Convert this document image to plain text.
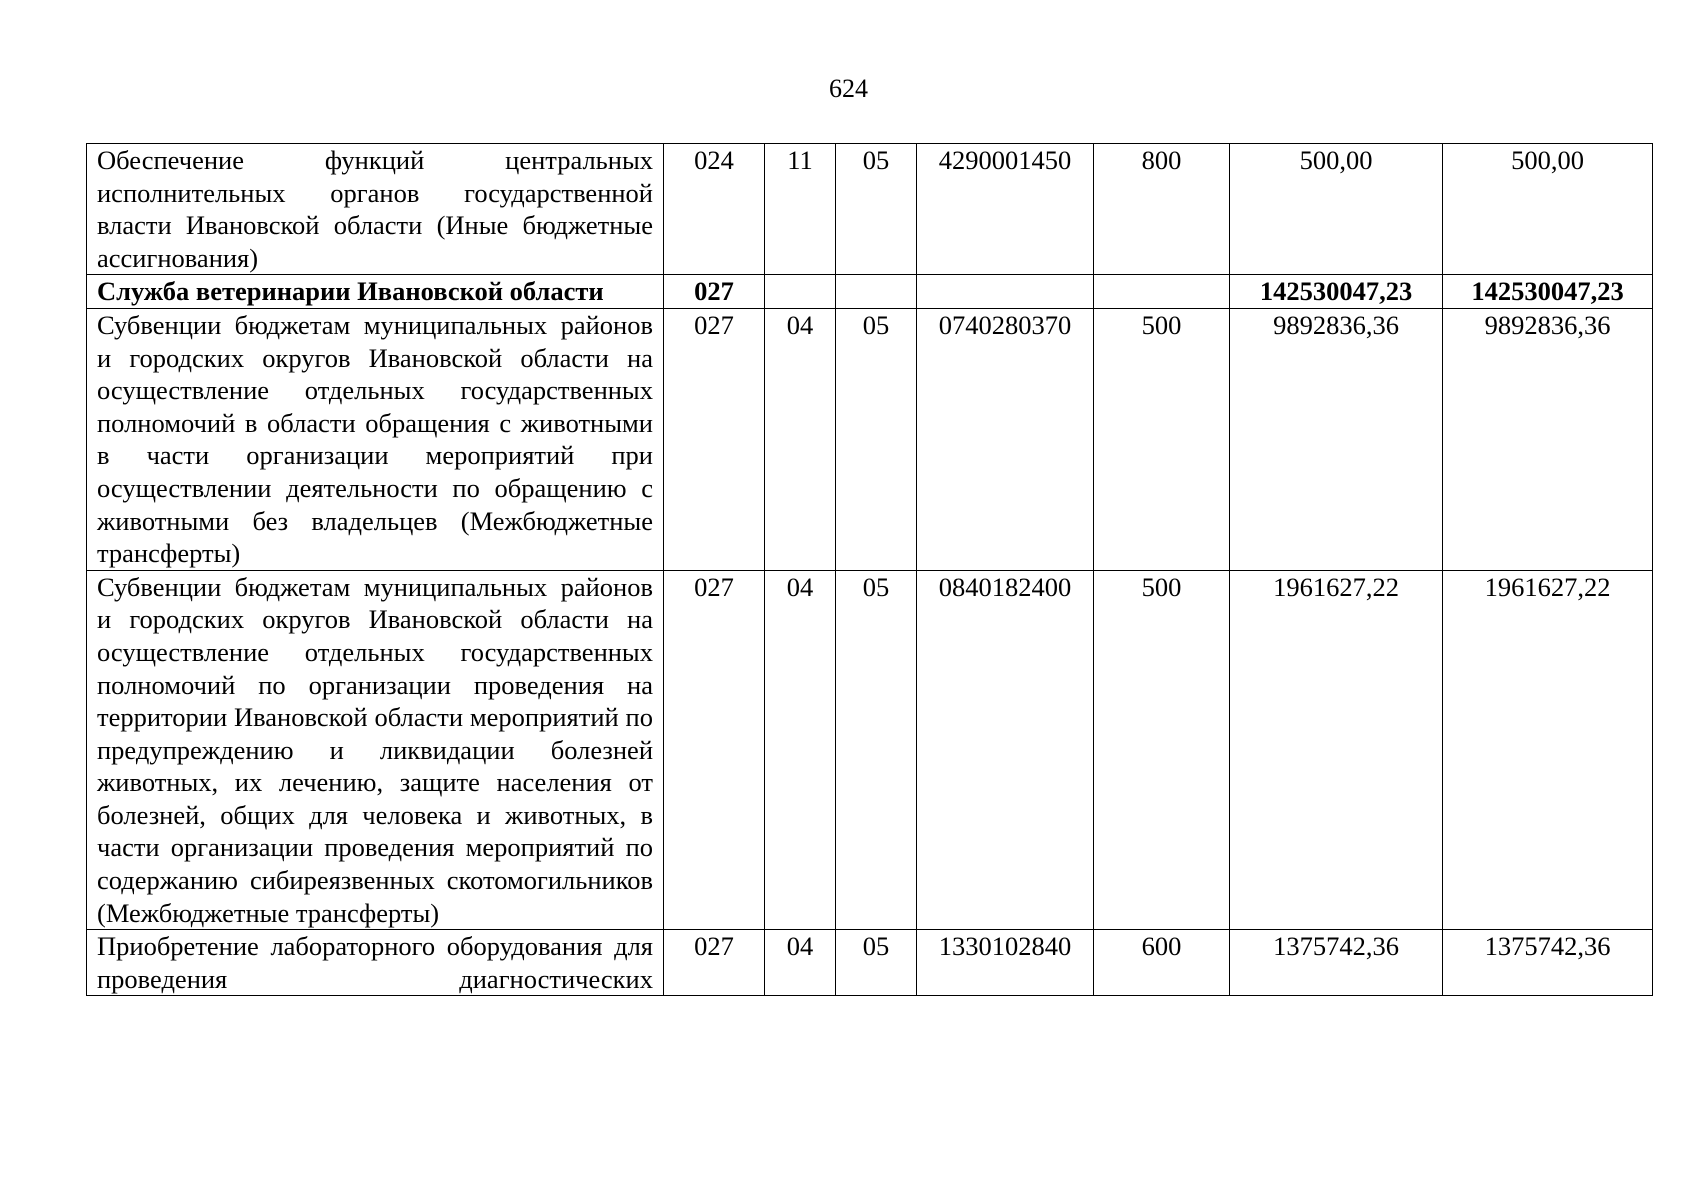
624
Обеспечение функций центральных исполнительных органов государственной власти Ивановской области (Иные бюджетные ассигнования)	024	11	05	4290001450	800	500,00	500,00
Служба ветеринарии Ивановской области	027					142530047,23	142530047,23
Субвенции бюджетам муниципальных районов и городских округов Ивановской области на осуществление отдельных государственных полномочий в области обращения с животными в части организации мероприятий при осуществлении деятельности по обращению с животными без владельцев (Межбюджетные трансферты)	027	04	05	0740280370	500	9892836,36	9892836,36
Субвенции бюджетам муниципальных районов и городских округов Ивановской области на осуществление отдельных государственных полномочий по организации проведения на территории Ивановской области мероприятий по предупреждению и ликвидации болезней животных, их лечению, защите населения от болезней, общих для человека и животных, в части организации проведения мероприятий по содержанию сибиреязвенных скотомогильников (Межбюджетные трансферты)	027	04	05	0840182400	500	1961627,22	1961627,22
Приобретение лабораторного оборудования для проведения диагностических	027	04	05	1330102840	600	1375742,36	1375742,36
